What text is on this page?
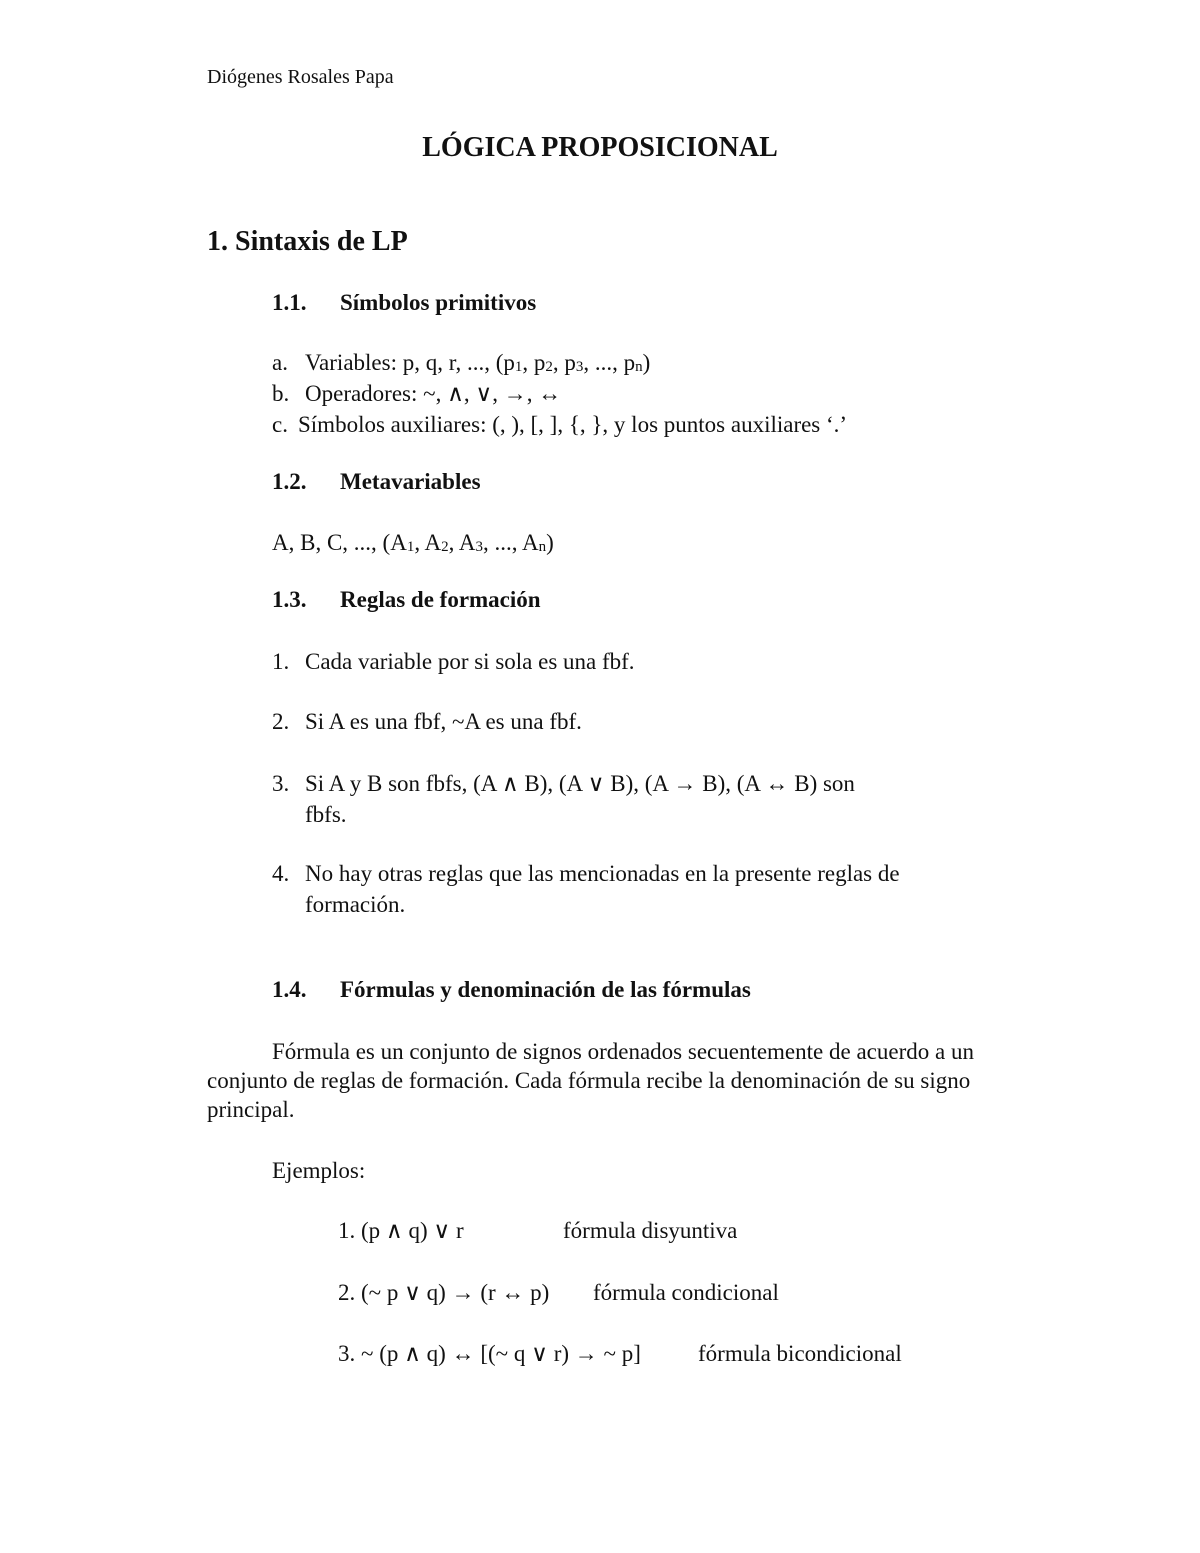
Diógenes Rosales Papa
LÓGICA PROPOSICIONAL
1. Sintaxis de LP
1.1. Símbolos primitivos
a. Variables: p, q, r, ..., ($p_1$, $p_2$, $p_3$, ..., $p_n$)
b. Operadores: ~, ∧, ∨, →, ↔
c. Símbolos auxiliares: (, ), [, ], {, }, y los puntos auxiliares ‘.’
1.2. Metavariables
A, B, C, ..., ($A_1$, $A_2$, $A_3$, ..., $A_n$)
1.3. Reglas de formación
1. Cada variable por si sola es una fbf.
2. Si A es una fbf, ~A es una fbf.
3. Si A y B son fbfs, (A ∧ B), (A ∨ B), (A → B), (A ↔ B) son
fbfs.
4. No hay otras reglas que las mencionadas en la presente reglas de
formación.
1.4. Fórmulas y denominación de las fórmulas
Fórmula es un conjunto de signos ordenados secuentemente de acuerdo a un conjunto de reglas de formación. Cada fórmula recibe la denominación de su signo principal.
Ejemplos:
1. (p ∧ q) ∨ r	fórmula disyuntiva
2. (~ p ∨ q) → (r ↔ p) fórmula condicional
3. ~ (p ∧ q) ↔ [(~ q ∨ r) → ~ p] fórmula bicondicional
